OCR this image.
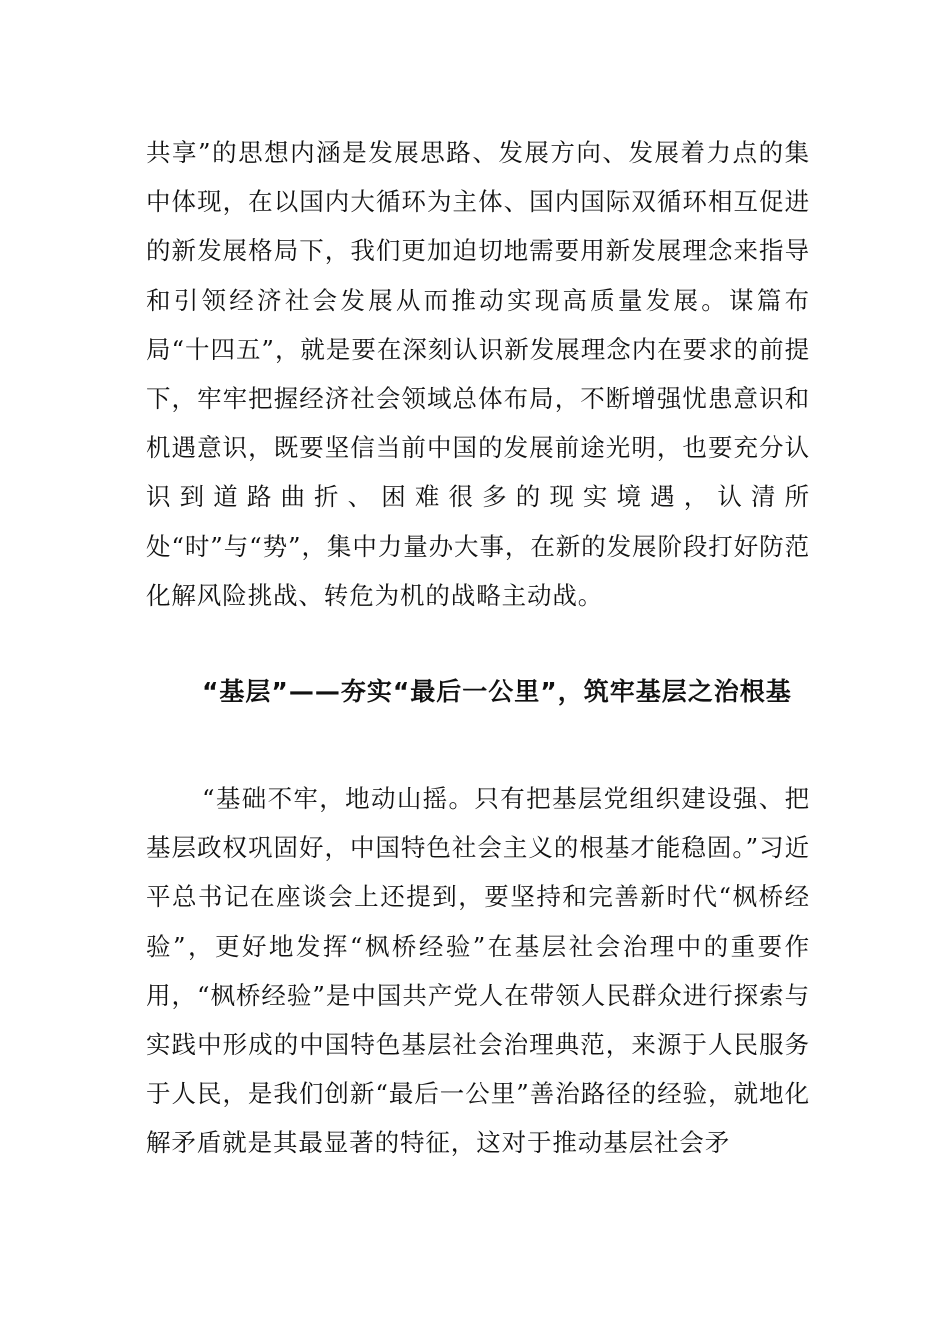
共享”的思想内涵是发展思路、发展方向、发展着力点的集中体现，在以国内大循环为主体、国内国际双循环相互促进的新发展格局下，我们更加迫切地需要用新发展理念来指导和引领经济社会发展从而推动实现高质量发展。谋篇布局“十四五”，就是要在深刻认识新发展理念内在要求的前提下，牢牢把握经济社会领域总体布局，不断增强忧患意识和机遇意识，既要坚信当前中国的发展前途光明，也要充分认识到道路曲折、困难很多的现实境遇，认清所处“时”与“势”，集中力量办大事，在新的发展阶段打好防范化解风险挑战、转危为机的战略主动战。

“基层”——夯实“最后一公里”，筑牢基层之治根基

“基础不牢，地动山摇。只有把基层党组织建设强、把基层政权巩固好，中国特色社会主义的根基才能稳固。”习近平总书记在座谈会上还提到，要坚持和完善新时代“枫桥经验”，更好地发挥“枫桥经验”在基层社会治理中的重要作用，“枫桥经验”是中国共产党人在带领人民群众进行探索与实践中形成的中国特色基层社会治理典范，来源于人民服务于人民，是我们创新“最后一公里”善治路径的经验，就地化解矛盾就是其最显著的特征，这对于推动基层社会矛
